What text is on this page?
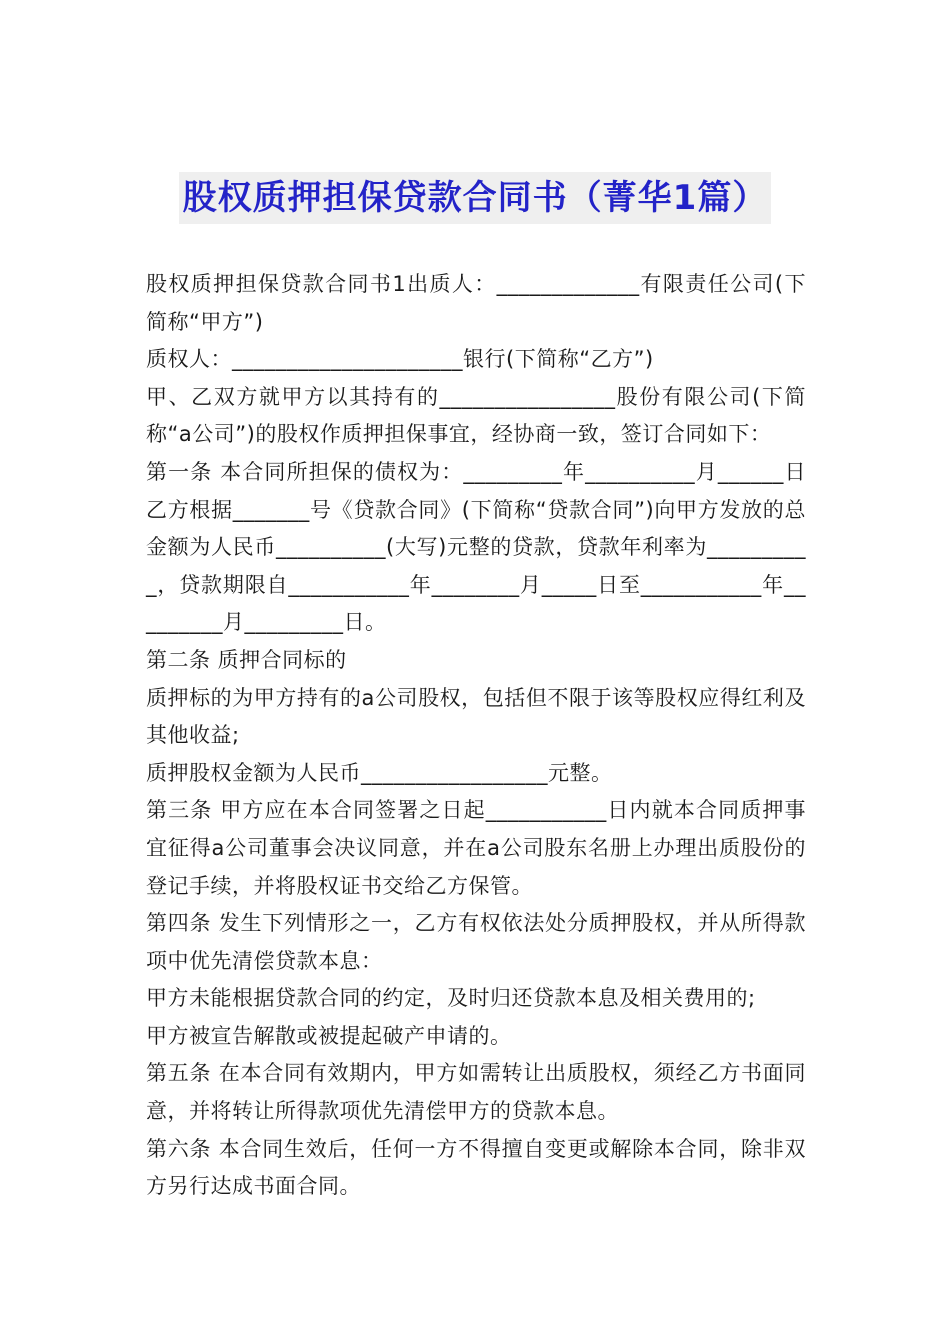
股权质押担保贷款合同书（菁华1篇）

股权质押担保贷款合同书1出质人：_____________有限责任公司(下简称“甲方”)

质权人：_____________________银行(下简称“乙方”)

甲、乙双方就甲方以其持有的________________股份有限公司(下简称“a公司”)的股权作质押担保事宜，经协商一致，签订合同如下：

第一条 本合同所担保的债权为：_________年__________月______日乙方根据_______号《贷款合同》(下简称“贷款合同”)向甲方发放的总金额为人民币__________(大写)元整的贷款，贷款年利率为__________，贷款期限自___________年________月_____日至___________年_________月_________日。

第二条 质押合同标的

质押标的为甲方持有的a公司股权，包括但不限于该等股权应得红利及其他收益;

质押股权金额为人民币_________________元整。

第三条 甲方应在本合同签署之日起___________日内就本合同质押事宜征得a公司董事会决议同意，并在a公司股东名册上办理出质股份的登记手续，并将股权证书交给乙方保管。

第四条 发生下列情形之一，乙方有权依法处分质押股权，并从所得款项中优先清偿贷款本息：

甲方未能根据贷款合同的约定，及时归还贷款本息及相关费用的;

甲方被宣告解散或被提起破产申请的。

第五条 在本合同有效期内，甲方如需转让出质股权，须经乙方书面同意，并将转让所得款项优先清偿甲方的贷款本息。

第六条 本合同生效后，任何一方不得擅自变更或解除本合同，除非双方另行达成书面合同。
